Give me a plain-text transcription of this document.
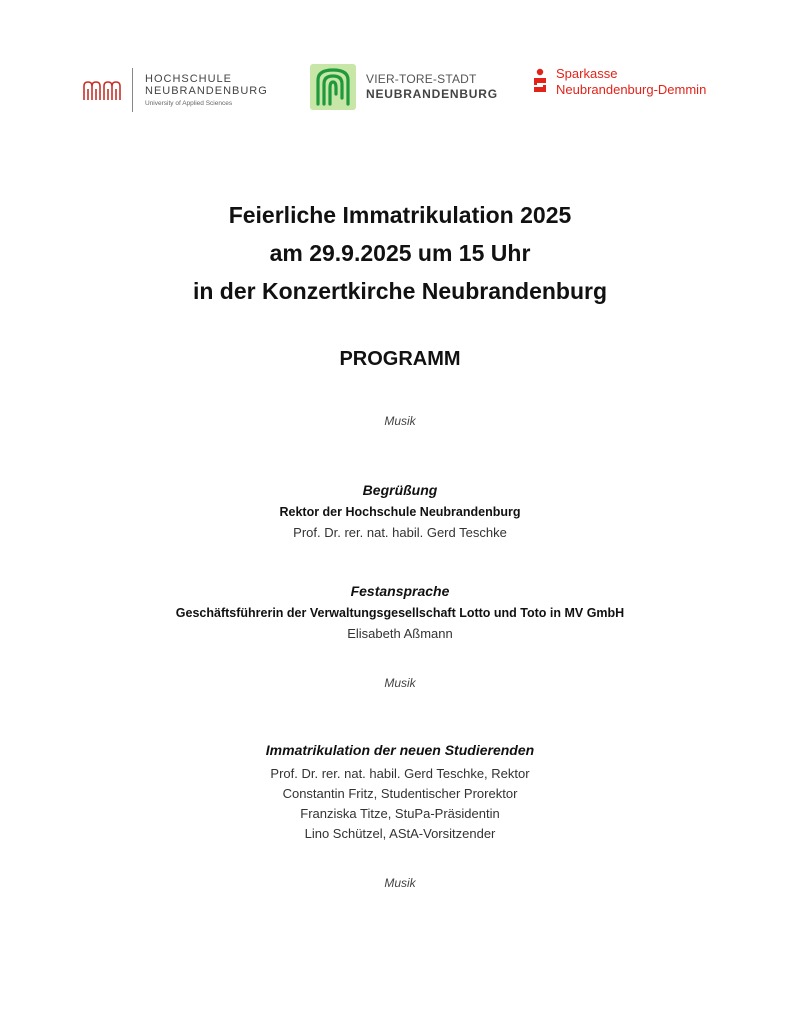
HOCHSCHULE
NEUBRANDENBURG
University of Applied Sciences
VIER-TORE-STADT
NEUBRANDENBURG
Sparkasse
Neubrandenburg-Demmin
Feierliche Immatrikulation 2025
am 29.9.2025 um 15 Uhr
in der Konzertkirche Neubrandenburg
PROGRAMM
Musik
Begrüßung
Rektor der Hochschule Neubrandenburg
Prof. Dr. rer. nat. habil. Gerd Teschke
Festansprache
Geschäftsführerin der Verwaltungsgesellschaft Lotto und Toto in MV GmbH
Elisabeth Aßmann
Musik
Immatrikulation der neuen Studierenden
Prof. Dr. rer. nat. habil. Gerd Teschke, Rektor
Constantin Fritz, Studentischer Prorektor
Franziska Titze, StuPa-Präsidentin
Lino Schützel, AStA-Vorsitzender
Musik
